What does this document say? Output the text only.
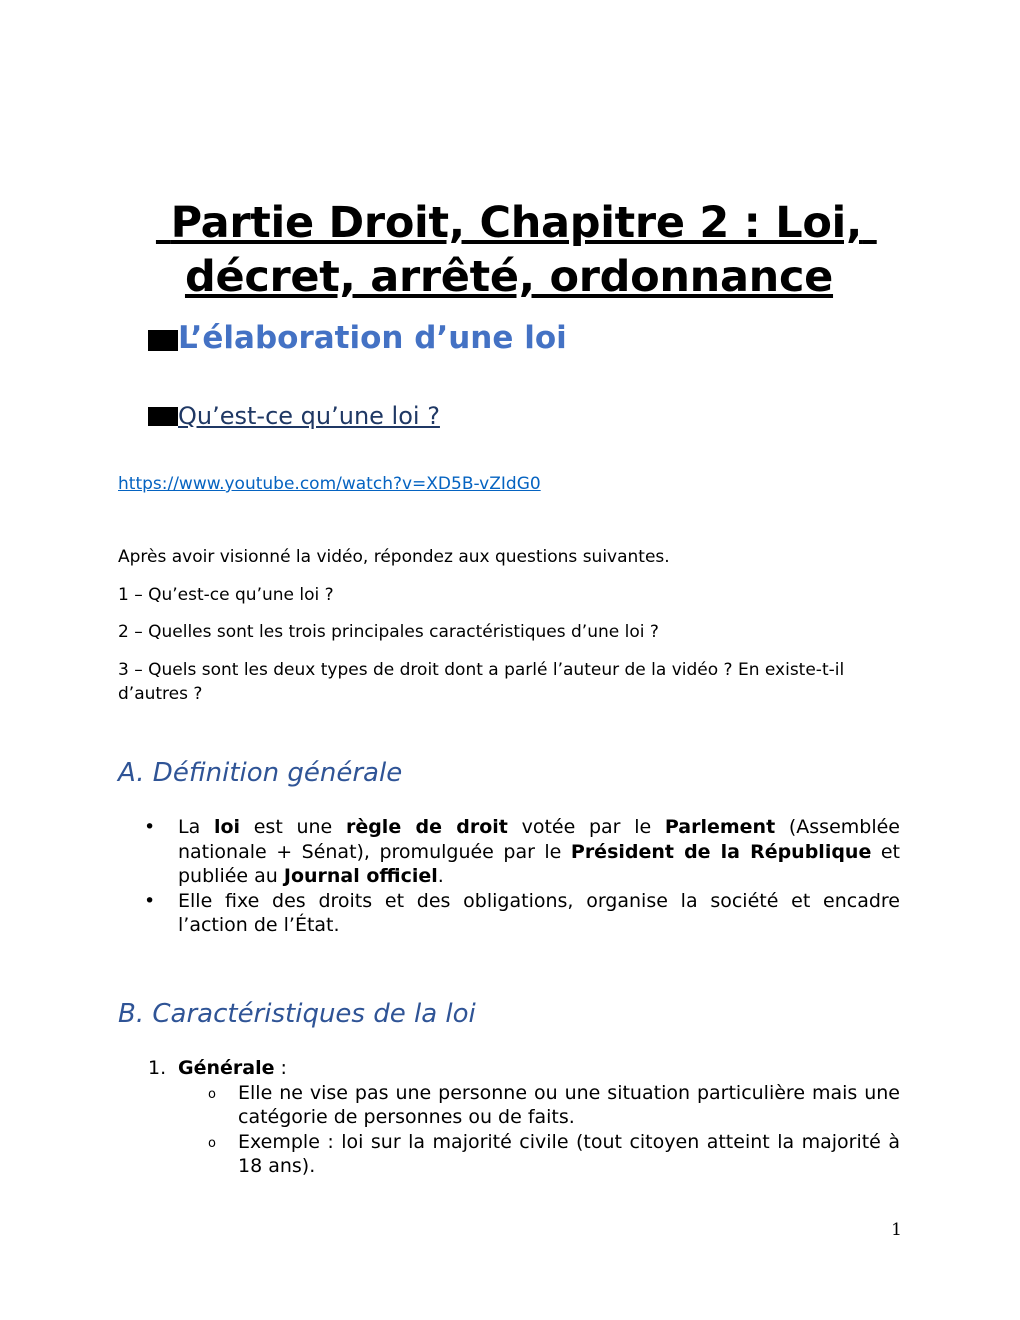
Partie Droit, Chapitre 2 : Loi, décret, arrêté, ordonnance
L’élaboration d’une loi
Qu’est-ce qu’une loi ?
https://www.youtube.com/watch?v=XD5B-vZIdG0

Après avoir visionné la vidéo, répondez aux questions suivantes.

1 – Qu’est-ce qu’une loi ?

2 – Quelles sont les trois principales caractéristiques d’une loi ?

3 – Quels sont les deux types de droit dont a parlé l’auteur de la vidéo ? En existe-t-il d’autres ?

A. Définition générale
• La loi est une règle de droit votée par le Parlement (Assemblée nationale + Sénat), promulguée par le Président de la République et publiée au Journal officiel.
• Elle fixe des droits et des obligations, organise la société et encadre l’action de l’État.
B. Caractéristiques de la loi
1. Générale :
o Elle ne vise pas une personne ou une situation particulière mais une catégorie de personnes ou de faits.
o Exemple : loi sur la majorité civile (tout citoyen atteint la majorité à 18 ans).
1
